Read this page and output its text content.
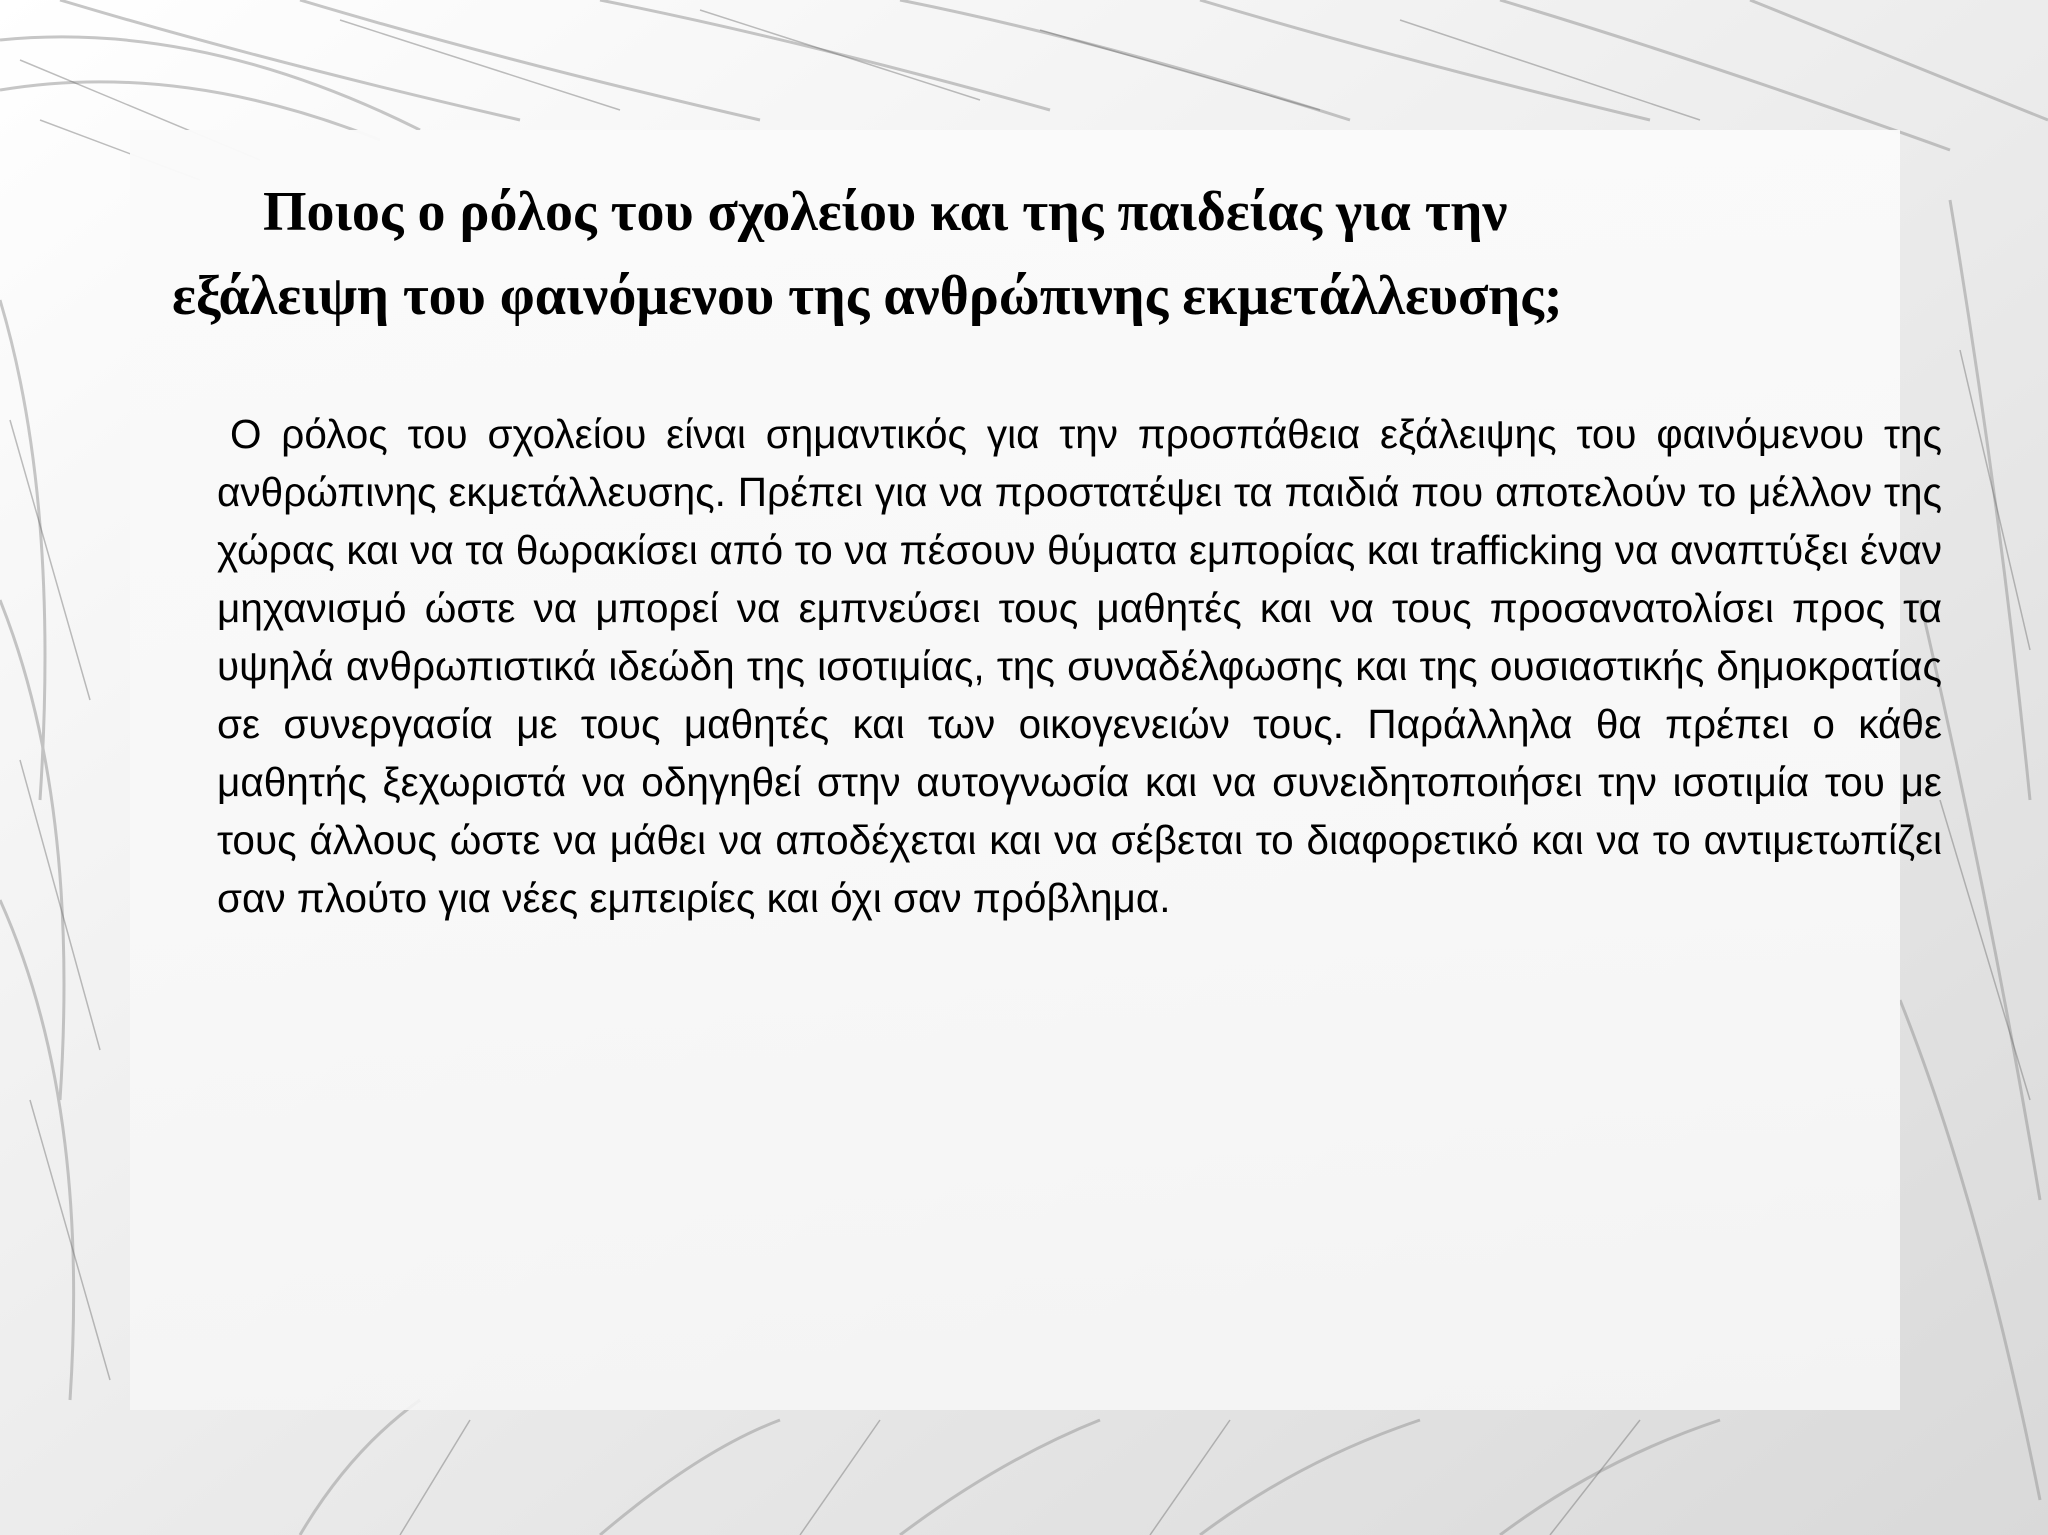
Ποιος ο ρόλος του σχολείου και της παιδείας για την
εξάλειψη του φαινόμενου της ανθρώπινης εκμετάλλευσης;

Ο ρόλος του σχολείου είναι σημαντικός για την προσπάθεια εξάλειψης του φαινόμενου της ανθρώπινης εκμετάλλευσης. Πρέπει για να προστατέψει τα παιδιά που αποτελούν το μέλλον της χώρας και να τα θωρακίσει από το να πέσουν θύματα εμπορίας και trafficking να αναπτύξει έναν μηχανισμό ώστε να μπορεί να εμπνεύσει τους μαθητές και να τους προσανατολίσει προς τα υψηλά ανθρωπιστικά ιδεώδη της ισοτιμίας, της συναδέλφωσης και της ουσιαστικής δημοκρατίας σε συνεργασία με τους μαθητές και των οικογενειών τους. Παράλληλα θα πρέπει ο κάθε μαθητής ξεχωριστά να οδηγηθεί στην αυτογνωσία και να συνειδητοποιήσει την ισοτιμία του με τους άλλους ώστε να μάθει να αποδέχεται και να σέβεται το διαφορετικό και να το αντιμετωπίζει σαν πλούτο για νέες εμπειρίες και όχι σαν πρόβλημα.
